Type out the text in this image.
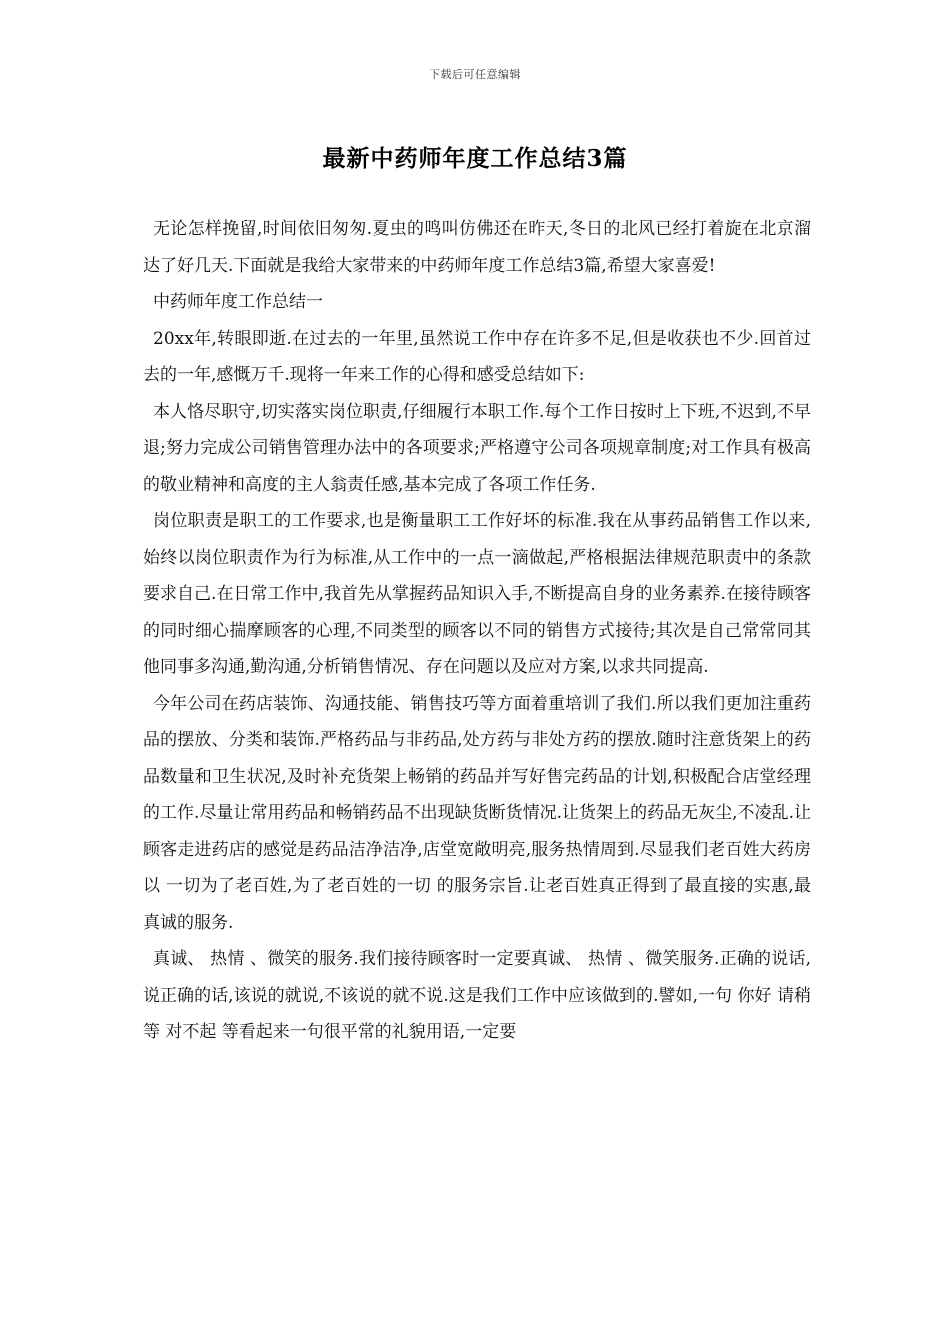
下载后可任意编辑
最新中药师年度工作总结3篇

无论怎样挽留,时间依旧匆匆.夏虫的鸣叫仿佛还在昨天,冬日的北风已经打着旋在北京溜达了好几天.下面就是我给大家带来的中药师年度工作总结3篇,希望大家喜爱!

中药师年度工作总结一

20xx年,转眼即逝.在过去的一年里,虽然说工作中存在许多不足,但是收获也不少.回首过去的一年,感慨万千.现将一年来工作的心得和感受总结如下:

本人恪尽职守,切实落实岗位职责,仔细履行本职工作.每个工作日按时上下班,不迟到,不早退;努力完成公司销售管理办法中的各项要求;严格遵守公司各项规章制度;对工作具有极高的敬业精神和高度的主人翁责任感,基本完成了各项工作任务.

岗位职责是职工的工作要求,也是衡量职工工作好坏的标准.我在从事药品销售工作以来,始终以岗位职责作为行为标准,从工作中的一点一滴做起,严格根据法律规范职责中的条款要求自己.在日常工作中,我首先从掌握药品知识入手,不断提高自身的业务素养.在接待顾客的同时细心揣摩顾客的心理,不同类型的顾客以不同的销售方式接待;其次是自己常常同其他同事多沟通,勤沟通,分析销售情况、存在问题以及应对方案,以求共同提高.

今年公司在药店装饰、沟通技能、销售技巧等方面着重培训了我们.所以我们更加注重药品的摆放、分类和装饰.严格药品与非药品,处方药与非处方药的摆放.随时注意货架上的药品数量和卫生状况,及时补充货架上畅销的药品并写好售完药品的计划,积极配合店堂经理的工作.尽量让常用药品和畅销药品不出现缺货断货情况.让货架上的药品无灰尘,不凌乱.让顾客走进药店的感觉是药品洁净洁净,店堂宽敞明亮,服务热情周到.尽显我们老百姓大药房以 一切为了老百姓,为了老百姓的一切 的服务宗旨.让老百姓真正得到了最直接的实惠,最真诚的服务.

真诚、 热情 、微笑的服务.我们接待顾客时一定要真诚、 热情 、微笑服务.正确的说话,说正确的话,该说的就说,不该说的就不说.这是我们工作中应该做到的.譬如,一句 你好 请稍等 对不起 等看起来一句很平常的礼貌用语,一定要
